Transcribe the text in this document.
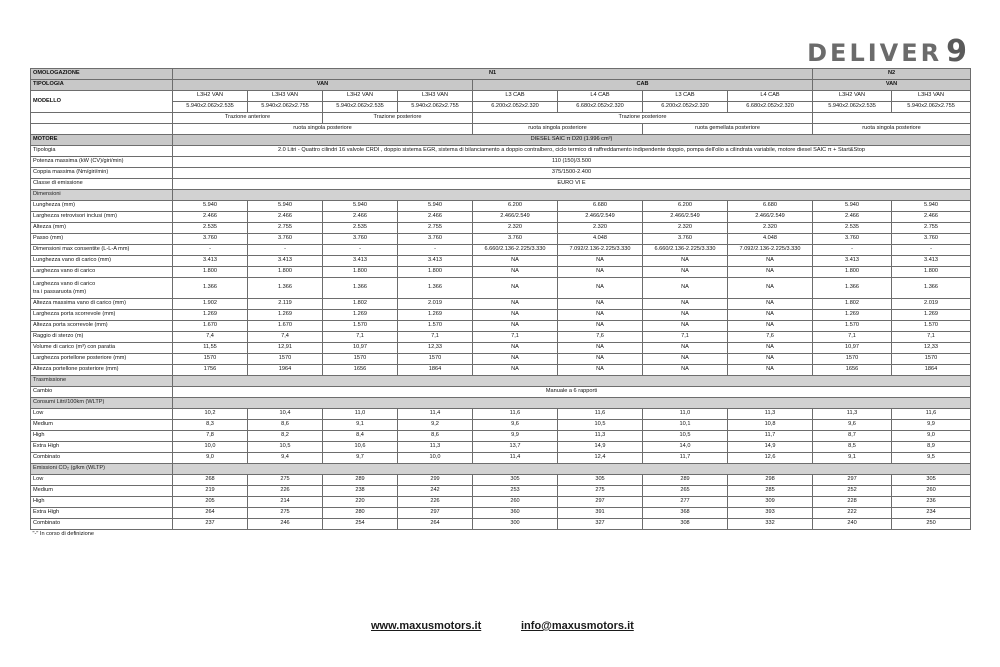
DELIVER 9
OMOLOGAZIONE	N1								N2	
TIPOLOGIA	VAN				CAB				VAN	
MODELLO	L3H2 VAN	L3H3 VAN	L3H2 VAN	L3H3 VAN	L3 CAB	L4 CAB	L3 CAB	L4 CAB	L3H2 VAN	L3H3 VAN
	5.940x2.062x2.535	5.940x2.062x2.755	5.940x2.062x2.535	5.940x2.062x2.755	6.200x2.052x2.320	6.680x2.052x2.320	6.200x2.052x2.320	6.680x2.052x2.320	5.940x2.062x2.535	5.940x2.062x2.755
	Trazione anteriore		Trazione posteriore		Trazione posteriore					
	ruota singola posteriore				ruota singola posteriore		ruota gemellata posteriore		ruota singola posteriore	
MOTORE	DIESEL SAIC π D20 (1.996 cm³)									
Tipologia	2.0 Litri - Quattro cilindri 16 valvole CRDI , doppio sistema EGR, sistema di bilanciamento a doppio contralbero, ciclo termico di raffreddamento indipendente doppio, pompa dell'olio a cilindrata variabile, motore diesel SAIC π + Start&Stop									
Potenza massima (kW (CV)/giri/min)	110 (150)/3.500									
Coppia massima (Nm/giri/min)	375/1500-2.400									
Classe di emissione	EURO VI E									
Dimensioni										
Lunghezza (mm)	5.940	5.940	5.940	5.940	6.200	6.680	6.200	6.680	5.940	5.940
Larghezza retrovisori inclusi (mm)	2.466	2.466	2.466	2.466	2.466/2.549	2.466/2.549	2.466/2.549	2.466/2.549	2.466	2.466
Altezza (mm)	2.535	2.755	2.535	2.755	2.320	2.320	2.320	2.320	2.535	2.755
Passo (mm)	3.760	3.760	3.760	3.760	3.760	4.048	3.760	4.048	3.760	3.760
Dimensioni max consentite (L-L-A mm)	-	-	-	-	6.660/2.136-2.225/3.330	7.092/2.136-2.225/3.330	6.660/2.136-2.225/3.330	7.092/2.136-2.225/3.330	-	-
Lunghezza vano di carico (mm)	3.413	3.413	3.413	3.413	NA	NA	NA	NA	3.413	3.413
Larghezza vano di carico	1.800	1.800	1.800	1.800	NA	NA	NA	NA	1.800	1.800

Larghezza vano di carico
tra i passaruota (mm)	1.366	1.366	1.366	1.366	NA	NA	NA	NA	1.366	1.366
Altezza massima vano di carico (mm)	1.902	2.119	1.802	2.019	NA	NA	NA	NA	1.802	2.019
Larghezza porta scorrevole (mm)	1.269	1.269	1.269	1.269	NA	NA	NA	NA	1.269	1.269
Altezza porta scorrevole (mm)	1.670	1.670	1.570	1.570	NA	NA	NA	NA	1.570	1.570
Raggio di sterzo (m)	7,4	7,4	7,1	7,1	7,1	7,6	7,1	7,6	7,1	7,1
Volume di carico (m³) con paratia	11,55	12,91	10,97	12,33	NA	NA	NA	NA	10,97	12,33
Larghezza portellone posteriore (mm)	1570	1570	1570	1570	NA	NA	NA	NA	1570	1570
Altezza portellone posteriore (mm)	1756	1964	1656	1864	NA	NA	NA	NA	1656	1864
Trasmissione										
Cambio	Manuale a 6 rapporti									
Consumi Litri/100km (WLTP)										
Low	10,2	10,4	11,0	11,4	11,6	11,6	11,0	11,3	11,3	11,6
Medium	8,3	8,6	9,1	9,2	9,6	10,5	10,1	10,8	9,6	9,9
High	7,8	8,2	8,4	8,6	9,9	11,3	10,5	11,7	8,7	9,0
Extra High	10,0	10,5	10,6	11,3	13,7	14,9	14,0	14,9	8,5	8,9
Combinato	9,0	9,4	9,7	10,0	11,4	12,4	11,7	12,6	9,1	9,5
Emissioni CO₂ (g/km (WLTP)										
Low	268	275	289	299	305	305	289	298	297	305
Medium	219	226	238	242	253	275	265	285	252	260
High	205	214	220	226	260	297	277	309	228	236
Extra High	264	275	280	297	360	391	368	393	222	234
Combinato	237	246	254	264	300	327	308	332	240	250
"-" In corso di definizione										
www.maxusmotors.it	info@maxusmotors.it
